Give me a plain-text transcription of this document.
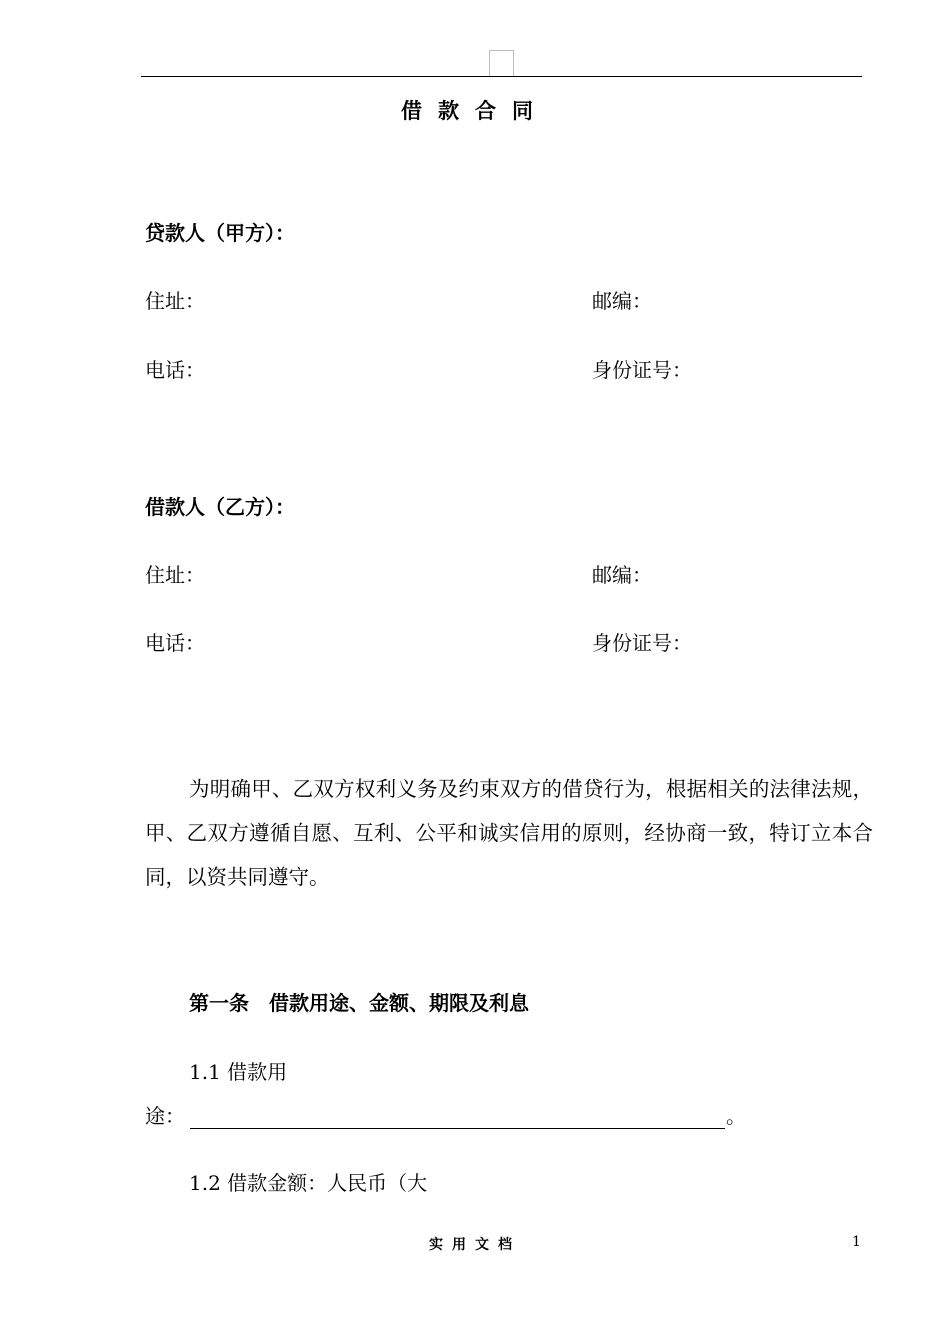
借款合同
贷款人（甲方）：
住址：	邮编：
电话：	身份证号：
借款人（乙方）：
住址：	邮编：
电话：	身份证号：
为明确甲、乙双方权利义务及约束双方的借贷行为，根据相关的法律法规，甲、乙双方遵循自愿、互利、公平和诚实信用的原则，经协商一致，特订立本合同，以资共同遵守。
第一条　借款用途、金额、期限及利息
1.1 借款用
途：	。
1.2 借款金额：人民币（大
实用文档	1
